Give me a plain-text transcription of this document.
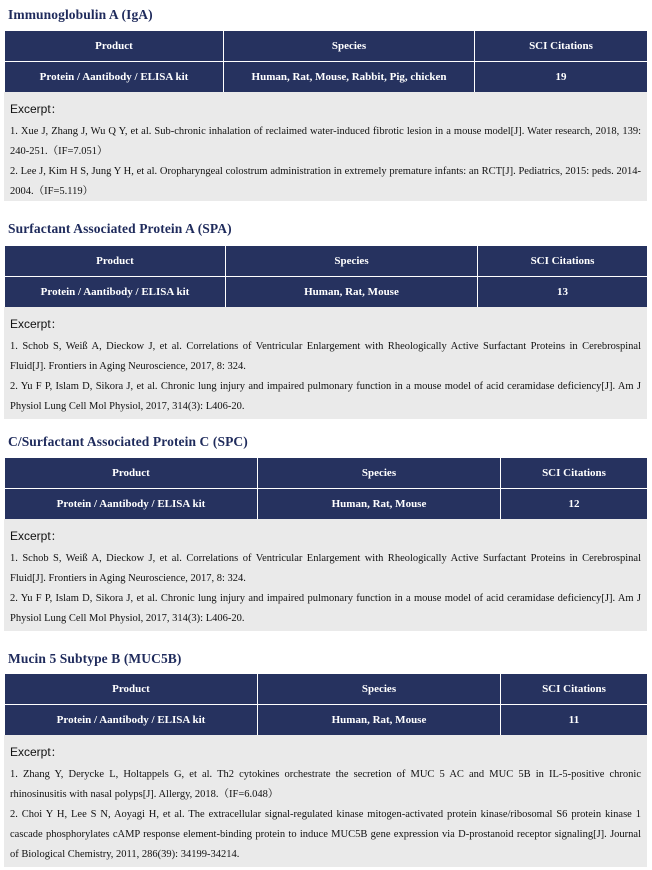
Immunoglobulin A (IgA)
Product	Species	SCI Citations
Protein / Aantibody / ELISA kit	Human, Rat, Mouse, Rabbit, Pig, chicken	19
Excerpt：
1. Xue J, Zhang J, Wu Q Y, et al. Sub-chronic inhalation of reclaimed water-induced fibrotic lesion in a mouse model[J]. Water research, 2018, 139: 240-251.（IF=7.051）
2. Lee J, Kim H S, Jung Y H, et al. Oropharyngeal colostrum administration in extremely premature infants: an RCT[J]. Pediatrics, 2015: peds. 2014-2004.（IF=5.119）
Surfactant Associated Protein A (SPA)
Product	Species	SCI Citations
Protein / Aantibody / ELISA kit	Human, Rat, Mouse	13
Excerpt：
1. Schob S, Weiß A, Dieckow J, et al. Correlations of Ventricular Enlargement with Rheologically Active Surfactant Proteins in Cerebrospinal Fluid[J]. Frontiers in Aging Neuroscience, 2017, 8: 324.
2. Yu F P, Islam D, Sikora J, et al. Chronic lung injury and impaired pulmonary function in a mouse model of acid ceramidase deficiency[J]. Am J Physiol Lung Cell Mol Physiol, 2017, 314(3): L406-20.
C/Surfactant Associated Protein C (SPC)
Product	Species	SCI Citations
Protein / Aantibody / ELISA kit	Human, Rat, Mouse	12
Excerpt：
1. Schob S, Weiß A, Dieckow J, et al. Correlations of Ventricular Enlargement with Rheologically Active Surfactant Proteins in Cerebrospinal Fluid[J]. Frontiers in Aging Neuroscience, 2017, 8: 324.
2. Yu F P, Islam D, Sikora J, et al. Chronic lung injury and impaired pulmonary function in a mouse model of acid ceramidase deficiency[J]. Am J Physiol Lung Cell Mol Physiol, 2017, 314(3): L406-20.
Mucin 5 Subtype B (MUC5B)
Product	Species	SCI Citations
Protein / Aantibody / ELISA kit	Human, Rat, Mouse	11
Excerpt：
1. Zhang Y, Derycke L, Holtappels G, et al. Th2 cytokines orchestrate the secretion of MUC 5 AC and MUC 5B in IL-5-positive chronic rhinosinusitis with nasal polyps[J]. Allergy, 2018.（IF=6.048）
2. Choi Y H, Lee S N, Aoyagi H, et al. The extracellular signal-regulated kinase mitogen-activated protein kinase/ribosomal S6 protein kinase 1 cascade phosphorylates cAMP response element-binding protein to induce MUC5B gene expression via D-prostanoid receptor signaling[J]. Journal of Biological Chemistry, 2011, 286(39): 34199-34214.
